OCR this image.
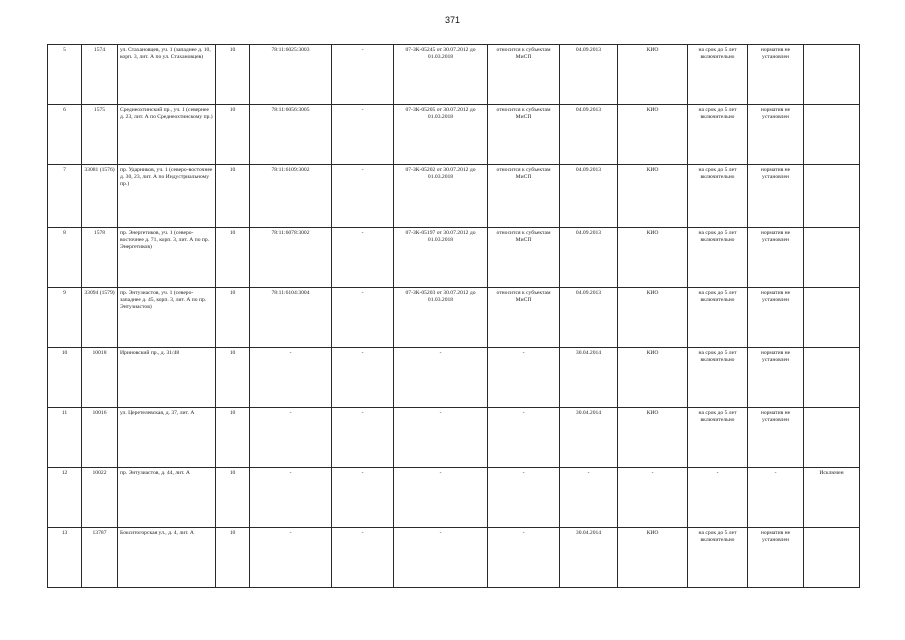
371
5	1574	ул. Стахановцев, уч. 1 (западнее д. 10, корп. 3, лит. А по ул. Стахановцев)	10	78:11:6025:3003	-	07-ЗК-05245 от 30.07.2012 до 01.03.2018	относится к субъектам МиСП	04.09.2013	КИО	на срок до 5 лет включительно	норматив не установлен	
6	1575	Среднеохтинский пр., уч. 1 (севернее д. 23, лит. А по Среднеохтинскому пр.)	10	78:11:6056:3005	-	07-ЗК-05205 от 30.07.2012 до 01.03.2018	относится к субъектам МиСП	04.09.2013	КИО	на срок до 5 лет включительно	норматив не установлен	
7	33081 (1576)	пр. Ударников, уч. 1 (северо-восточнее д. 30, 23, лит. А по Индустриальному пр.)	10	78:11:6109:3002	-	07-ЗК-05202 от 30.07.2012 до 01.03.2018	относится к субъектам МиСП	04.09.2013	КИО	на срок до 5 лет включительно	норматив не установлен	
8	1578	пр. Энергетиков, уч. 1 (северо-восточнее д. 71, корп. 3, лит. А по пр. Энергетиков)	10	78:11:6078:3002	-	07-ЗК-05197 от 30.07.2012 до 01.03.2018	относится к субъектам МиСП	04.09.2013	КИО	на срок до 5 лет включительно	норматив не установлен	
9	33094 (1579)	пр. Энтузиастов, уч. 1 (северо-западнее д. 45, корп. 3, лит. А по пр. Энтузиастов)	10	78:11:6104:3004	-	07-ЗК-05203 от 30.07.2012 до 01.03.2018	относится к субъектам МиСП	04.09.2013	КИО	на срок до 5 лет включительно	норматив не установлен	
10	10018	Ириновский пр., д. 31/48	10	-	-	-	-	30.04.2014	КИО	на срок до 5 лет включительно	норматив не установлен	
11	10016	ул. Церетелевская, д. 37, лит. А	10	-	-	-	-	30.04.2014	КИО	на срок до 5 лет включительно	норматив не установлен	
12	10022	пр. Энтузиастов, д. 44, лит. А	10	-	-	-	-	-	-	-	-	Исключен
13	13787	Бокситогорская ул., д. 4, лит. А	10	-	-	-	-	30.04.2014	КИО	на срок до 5 лет включительно	норматив не установлен	
